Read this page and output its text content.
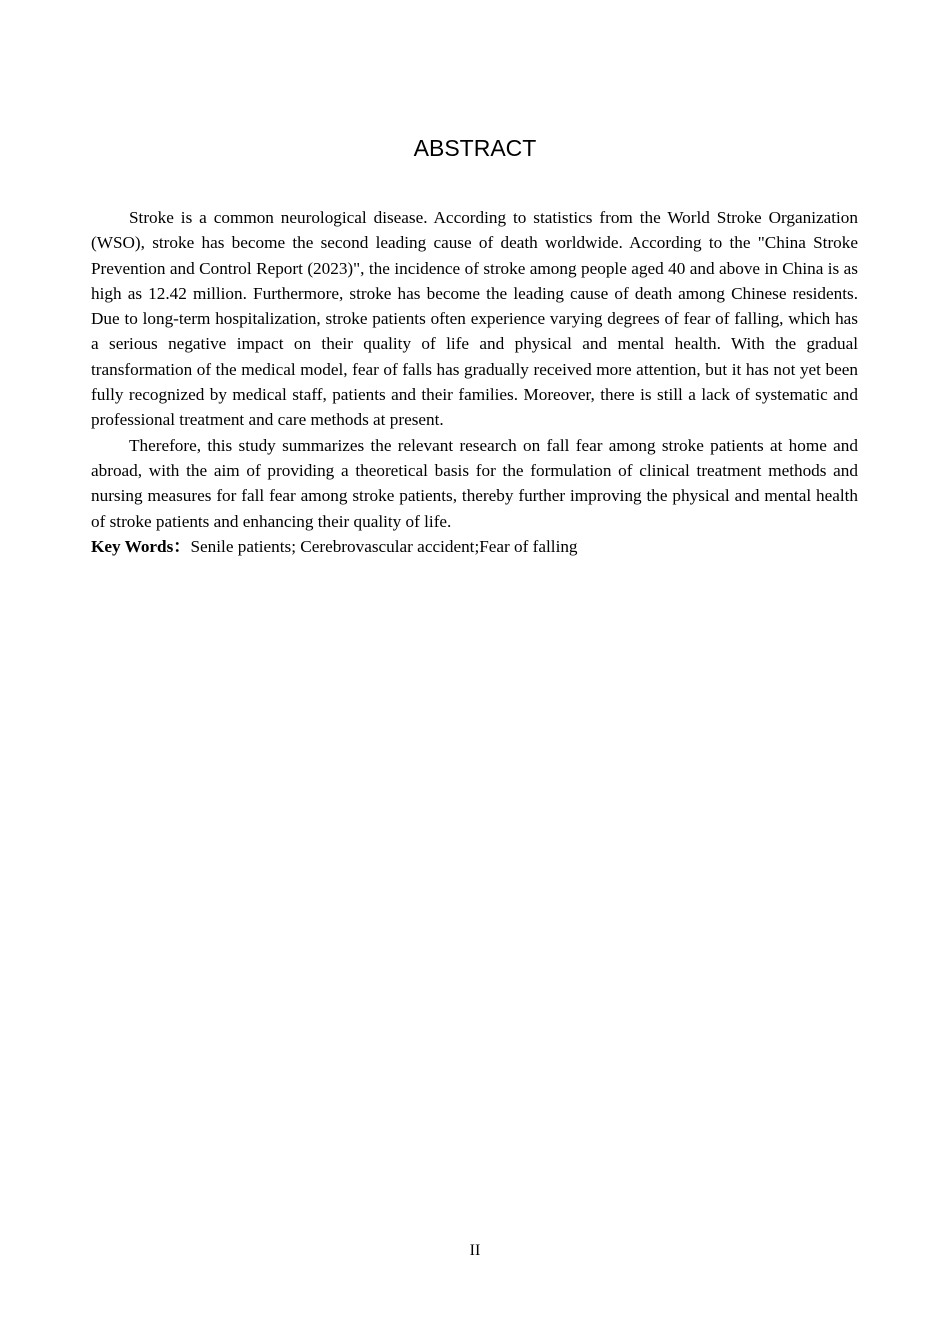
ABSTRACT

Stroke is a common neurological disease. According to statistics from the World Stroke Organization (WSO), stroke has become the second leading cause of death worldwide. According to the "China Stroke Prevention and Control Report (2023)", the incidence of stroke among people aged 40 and above in China is as high as 12.42 million. Furthermore, stroke has become the leading cause of death among Chinese residents. Due to long-term hospitalization, stroke patients often experience varying degrees of fear of falling, which has a serious negative impact on their quality of life and physical and mental health. With the gradual transformation of the medical model, fear of falls has gradually received more attention, but it has not yet been fully recognized by medical staff, patients and their families. Moreover, there is still a lack of systematic and professional treatment and care methods at present.

Therefore, this study summarizes the relevant research on fall fear among stroke patients at home and abroad, with the aim of providing a theoretical basis for the formulation of clinical treatment methods and nursing measures for fall fear among stroke patients, thereby further improving the physical and mental health of stroke patients and enhancing their quality of life.

Key Words：Senile patients; Cerebrovascular accident;Fear of falling

II
